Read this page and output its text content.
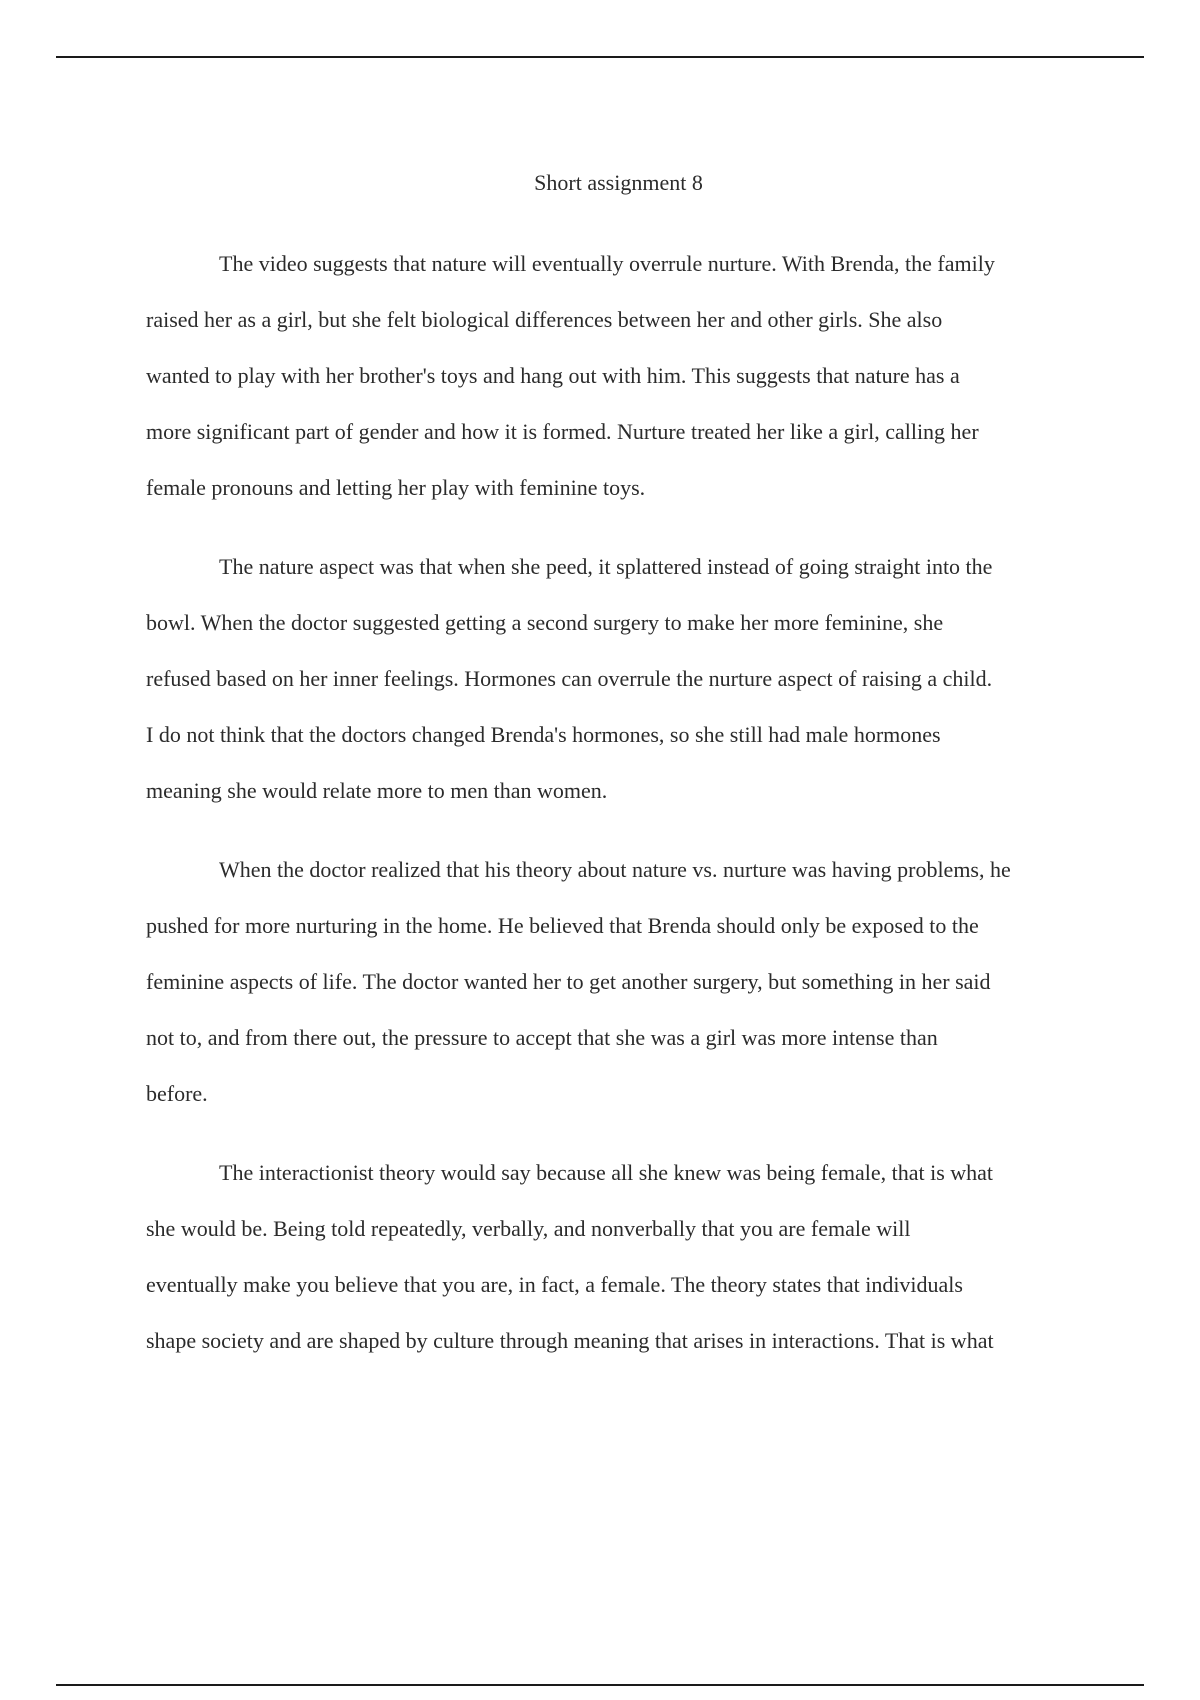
Short assignment 8
The video suggests that nature will eventually overrule nurture. With Brenda, the family
raised her as a girl, but she felt biological differences between her and other girls. She also
wanted to play with her brother's toys and hang out with him. This suggests that nature has a
more significant part of gender and how it is formed. Nurture treated her like a girl, calling her
female pronouns and letting her play with feminine toys.
The nature aspect was that when she peed, it splattered instead of going straight into the
bowl. When the doctor suggested getting a second surgery to make her more feminine, she
refused based on her inner feelings. Hormones can overrule the nurture aspect of raising a child.
I do not think that the doctors changed Brenda's hormones, so she still had male hormones
meaning she would relate more to men than women.
When the doctor realized that his theory about nature vs. nurture was having problems, he
pushed for more nurturing in the home. He believed that Brenda should only be exposed to the
feminine aspects of life. The doctor wanted her to get another surgery, but something in her said
not to, and from there out, the pressure to accept that she was a girl was more intense than
before.
The interactionist theory would say because all she knew was being female, that is what
she would be. Being told repeatedly, verbally, and nonverbally that you are female will
eventually make you believe that you are, in fact, a female. The theory states that individuals
shape society and are shaped by culture through meaning that arises in interactions. That is what
